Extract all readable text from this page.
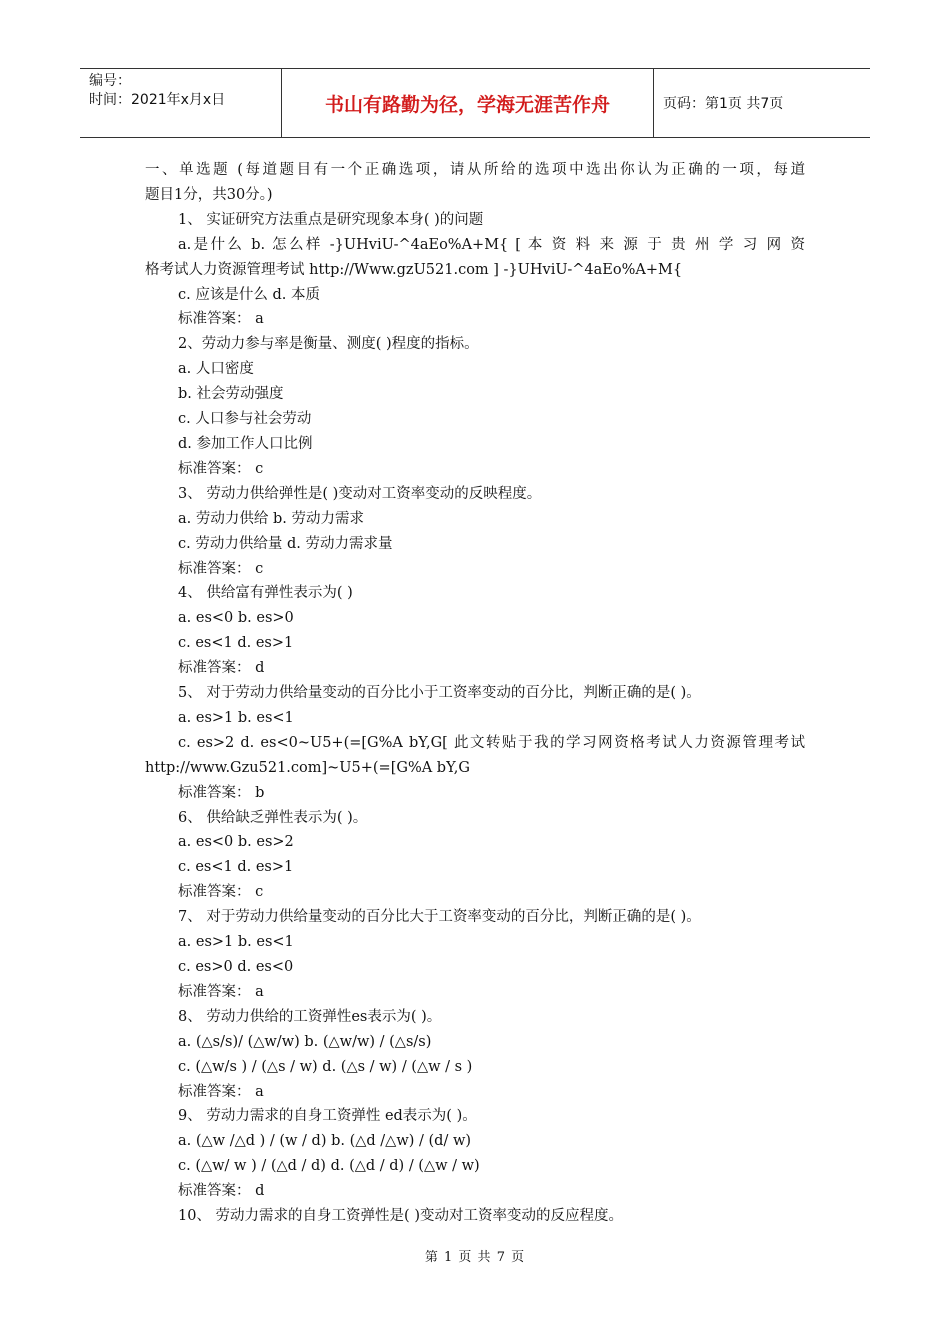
编号：
时间：2021年x月x日	书山有路勤为径，学海无涯苦作舟	页码：第1页 共7页

一、单选题 (每道题目有一个正确选项，请从所给的选项中选出你认为正确的一项，每道

题目1分，共30分。)

1、 实证研究方法重点是研究现象本身( )的问题

a.是什么 b. 怎么样 -}UHviU-^4aEo%A+M{ [ 本 资 料 来 源 于 贵 州 学 习 网 资

格考试人力资源管理考试 http://Www.gzU521.com ] -}UHviU-^4aEo%A+M{

c. 应该是什么 d. 本质

标准答案： a

2、劳动力参与率是衡量、测度( )程度的指标。

a. 人口密度

b. 社会劳动强度

c. 人口参与社会劳动

d. 参加工作人口比例

标准答案： c

3、 劳动力供给弹性是( )变动对工资率变动的反映程度。

a. 劳动力供给 b. 劳动力需求

c. 劳动力供给量 d. 劳动力需求量

标准答案： c

4、 供给富有弹性表示为( )

a. es<0 b. es>0

c. es<1 d. es>1

标准答案： d

5、 对于劳动力供给量变动的百分比小于工资率变动的百分比，判断正确的是( )。

a. es>1 b. es<1

c. es>2 d. es<0~U5+(=[G%A bY,G[ 此文转贴于我的学习网资格考试人力资源管理考试

http://www.Gzu521.com]~U5+(=[G%A bY,G

标准答案： b

6、 供给缺乏弹性表示为( )。

a. es<0 b. es>2

c. es<1 d. es>1

标准答案： c

7、 对于劳动力供给量变动的百分比大于工资率变动的百分比，判断正确的是( )。

a. es>1 b. es<1

c. es>0 d. es<0

标准答案： a

8、 劳动力供给的工资弹性es表示为( )。

a. (△s/s)/ (△w/w) b. (△w/w) / (△s/s)

c. (△w/s ) / (△s / w) d. (△s / w) / (△w / s )

标准答案： a

9、 劳动力需求的自身工资弹性 ed表示为( )。

a. (△w /△d ) / (w / d) b. (△d /△w) / (d/ w)

c. (△w/ w ) / (△d / d) d. (△d / d) / (△w / w)

标准答案： d

10、 劳动力需求的自身工资弹性是( )变动对工资率变动的反应程度。

第 1 页 共 7 页
